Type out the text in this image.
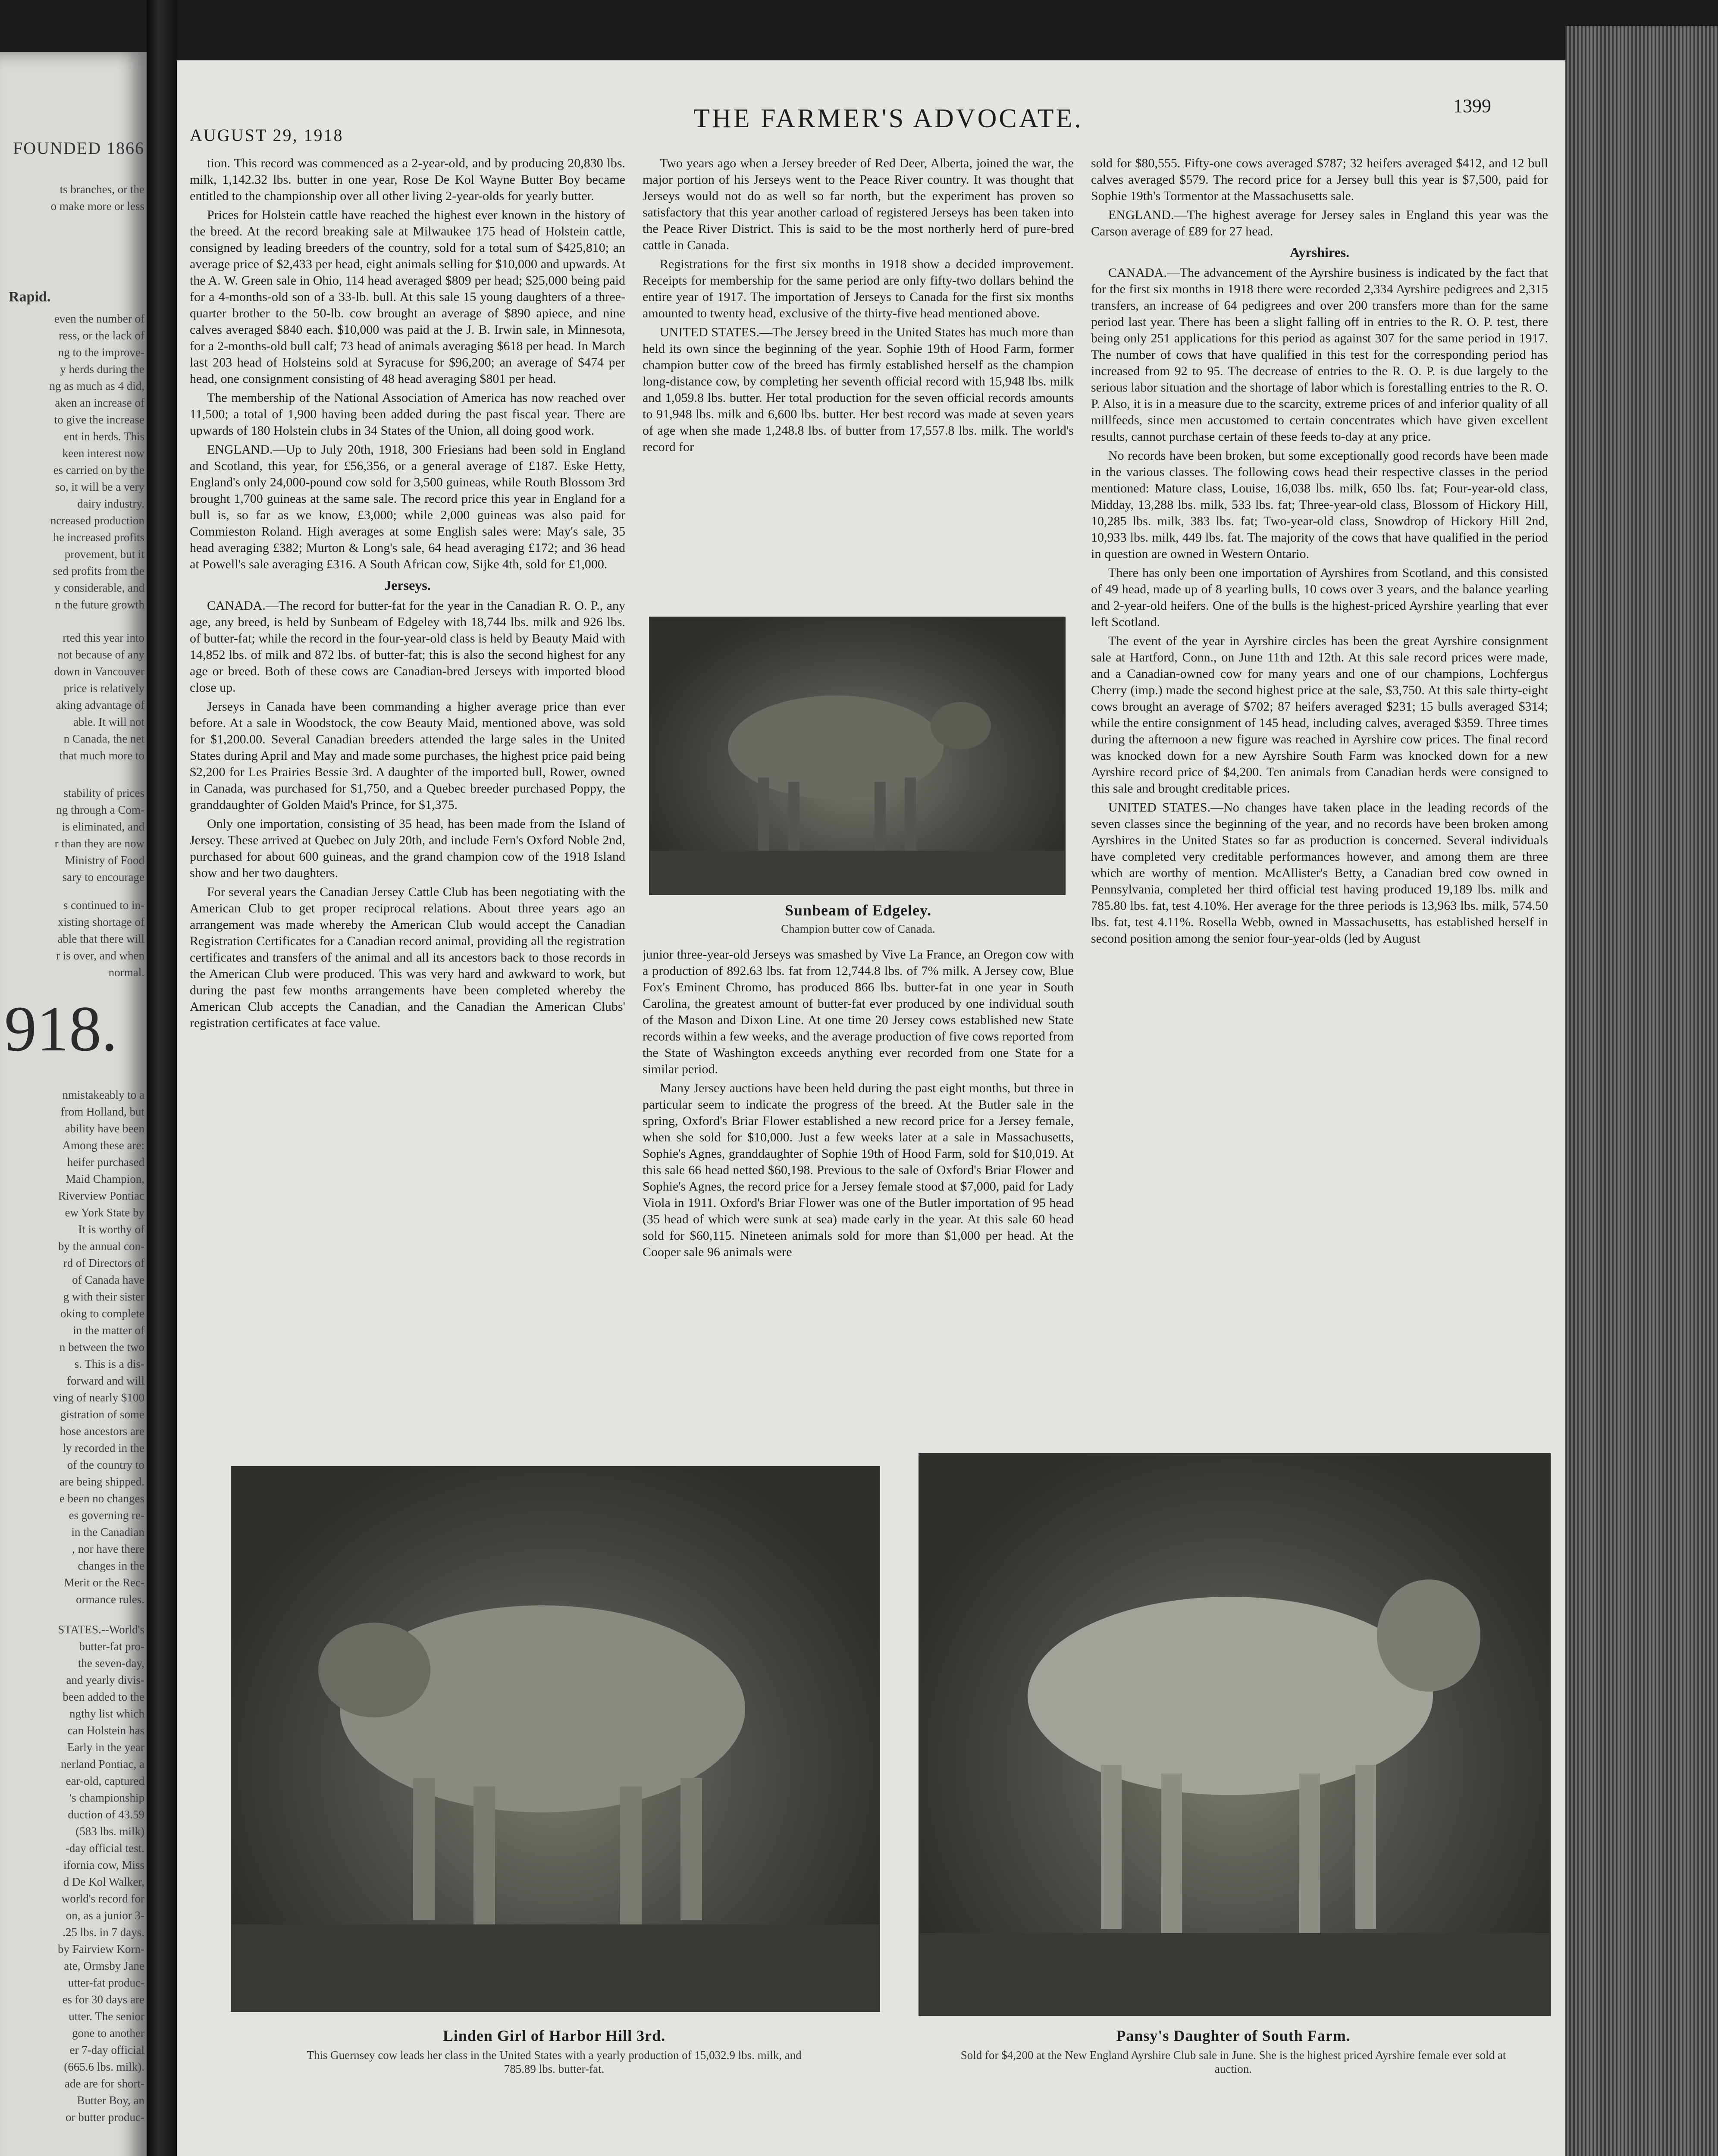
FOUNDED 1866
ts branches, or the
o make more or less
Rapid.
even the number of
ress, or the lack of
ng to the improve-
y herds during the
ng as much as 4 did,
aken an increase of
to give the increase
ent in herds. This
keen interest now
es carried on by the
so, it will be a very
dairy industry.
ncreased production
he increased profits
provement, but it
sed profits from the
y considerable, and
n the future growth
rted this year into
not because of any
down in Vancouver
price is relatively
aking advantage of
able. It will not
n Canada, the net
that much more to
stability of prices
ng through a Com-
is eliminated, and
r than they are now
Ministry of Food
sary to encourage
s continued to in-
xisting shortage of
able that there will
r is over, and when
normal.
918.
nmistakeably to a
from Holland, but
ability have been
Among these are:
heifer purchased
Maid Champion,
Riverview Pontiac
ew York State by
It is worthy of
by the annual con-
rd of Directors of
of Canada have
g with their sister
oking to complete
in the matter of
n between the two
s. This is a dis-
forward and will
ving of nearly $100
gistration of some
hose ancestors are
ly recorded in the
of the country to
are being shipped.
e been no changes
es governing re-
in the Canadian
, nor have there
changes in the
Merit or the Rec-
ormance rules.
STATES.--World's
butter-fat pro-
the seven-day,
and yearly divis-
been added to the
ngthy list which
can Holstein has
Early in the year
nerland Pontiac, a
ear-old, captured
's championship
duction of 43.59
(583 lbs. milk)
-day official test.
ifornia cow, Miss
d De Kol Walker,
world's record for
on, as a junior 3-
.25 lbs. in 7 days.
by Fairview Korn-
ate, Ormsby Jane
utter-fat produc-
es for 30 days are
utter. The senior
gone to another
er 7-day official
(665.6 lbs. milk).
ade are for short-
Butter Boy, an
or butter produc-
AUGUST 29, 1918
THE FARMER'S ADVOCATE.	1399

tion. This record was commenced as a 2-year-old, and by producing 20,830 lbs. milk, 1,142.32 lbs. butter in one year, Rose De Kol Wayne Butter Boy became entitled to the championship over all other living 2-year-olds for yearly butter.

Prices for Holstein cattle have reached the highest ever known in the history of the breed. At the record breaking sale at Milwaukee 175 head of Holstein cattle, consigned by leading breeders of the country, sold for a total sum of $425,810; an average price of $2,433 per head, eight animals selling for $10,000 and upwards. At the A. W. Green sale in Ohio, 114 head averaged $809 per head; $25,000 being paid for a 4-months-old son of a 33-lb. bull. At this sale 15 young daughters of a three-quarter brother to the 50-lb. cow brought an average of $890 apiece, and nine calves averaged $840 each. $10,000 was paid at the J. B. Irwin sale, in Minnesota, for a 2-months-old bull calf; 73 head of animals averaging $618 per head. In March last 203 head of Holsteins sold at Syracuse for $96,200; an average of $474 per head, one consignment consisting of 48 head averaging $801 per head.

The membership of the National Association of America has now reached over 11,500; a total of 1,900 having been added during the past fiscal year. There are upwards of 180 Holstein clubs in 34 States of the Union, all doing good work.

ENGLAND.—Up to July 20th, 1918, 300 Friesians had been sold in England and Scotland, this year, for £56,356, or a general average of £187. Eske Hetty, England's only 24,000-pound cow sold for 3,500 guineas, while Routh Blossom 3rd brought 1,700 guineas at the same sale. The record price this year in England for a bull is, so far as we know, £3,000; while 2,000 guineas was also paid for Commieston Roland. High averages at some English sales were: May's sale, 35 head averaging £382; Murton & Long's sale, 64 head averaging £172; and 36 head at Powell's sale averaging £316. A South African cow, Sijke 4th, sold for £1,000.

Jerseys.

CANADA.—The record for butter-fat for the year in the Canadian R. O. P., any age, any breed, is held by Sunbeam of Edgeley with 18,744 lbs. milk and 926 lbs. of butter-fat; while the record in the four-year-old class is held by Beauty Maid with 14,852 lbs. of milk and 872 lbs. of butter-fat; this is also the second highest for any age or breed. Both of these cows are Canadian-bred Jerseys with imported blood close up.

Jerseys in Canada have been commanding a higher average price than ever before. At a sale in Woodstock, the cow Beauty Maid, mentioned above, was sold for $1,200.00. Several Canadian breeders attended the large sales in the United States during April and May and made some purchases, the highest price paid being $2,200 for Les Prairies Bessie 3rd. A daughter of the imported bull, Rower, owned in Canada, was purchased for $1,750, and a Quebec breeder purchased Poppy, the granddaughter of Golden Maid's Prince, for $1,375.

Only one importation, consisting of 35 head, has been made from the Island of Jersey. These arrived at Quebec on July 20th, and include Fern's Oxford Noble 2nd, purchased for about 600 guineas, and the grand champion cow of the 1918 Island show and her two daughters.

For several years the Canadian Jersey Cattle Club has been negotiating with the American Club to get proper reciprocal relations. About three years ago an arrangement was made whereby the American Club would accept the Canadian Registration Certificates for a Canadian record animal, providing all the registration certificates and transfers of the animal and all its ancestors back to those records in the American Club were produced. This was very hard and awkward to work, but during the past few months arrangements have been completed whereby the American Club accepts the Canadian, and the Canadian the American Clubs' registration certificates at face value.

Two years ago when a Jersey breeder of Red Deer, Alberta, joined the war, the major portion of his Jerseys went to the Peace River country. It was thought that Jerseys would not do as well so far north, but the experiment has proven so satisfactory that this year another carload of registered Jerseys has been taken into the Peace River District. This is said to be the most northerly herd of pure-bred cattle in Canada.

Registrations for the first six months in 1918 show a decided improvement. Receipts for membership for the same period are only fifty-two dollars behind the entire year of 1917. The importation of Jerseys to Canada for the first six months amounted to twenty head, exclusive of the thirty-five head mentioned above.

UNITED STATES.—The Jersey breed in the United States has much more than held its own since the beginning of the year. Sophie 19th of Hood Farm, former champion butter cow of the breed has firmly established herself as the champion long-distance cow, by completing her seventh official record with 15,948 lbs. milk and 1,059.8 lbs. butter. Her total production for the seven official records amounts to 91,948 lbs. milk and 6,600 lbs. butter. Her best record was made at seven years of age when she made 1,248.8 lbs. of butter from 17,557.8 lbs. milk. The world's record for

Sunbeam of Edgeley.
Champion butter cow of Canada.

junior three-year-old Jerseys was smashed by Vive La France, an Oregon cow with a production of 892.63 lbs. fat from 12,744.8 lbs. of 7% milk. A Jersey cow, Blue Fox's Eminent Chromo, has produced 866 lbs. butter-fat in one year in South Carolina, the greatest amount of butter-fat ever produced by one individual south of the Mason and Dixon Line. At one time 20 Jersey cows established new State records within a few weeks, and the average production of five cows reported from the State of Washington exceeds anything ever recorded from one State for a similar period.

Many Jersey auctions have been held during the past eight months, but three in particular seem to indicate the progress of the breed. At the Butler sale in the spring, Oxford's Briar Flower established a new record price for a Jersey female, when she sold for $10,000. Just a few weeks later at a sale in Massachusetts, Sophie's Agnes, granddaughter of Sophie 19th of Hood Farm, sold for $10,019. At this sale 66 head netted $60,198. Previous to the sale of Oxford's Briar Flower and Sophie's Agnes, the record price for a Jersey female stood at $7,000, paid for Lady Viola in 1911. Oxford's Briar Flower was one of the Butler importation of 95 head (35 head of which were sunk at sea) made early in the year. At this sale 60 head sold for $60,115. Nineteen animals sold for more than $1,000 per head. At the Cooper sale 96 animals were

sold for $80,555. Fifty-one cows averaged $787; 32 heifers averaged $412, and 12 bull calves averaged $579. The record price for a Jersey bull this year is $7,500, paid for Sophie 19th's Tormentor at the Massachusetts sale.

ENGLAND.—The highest average for Jersey sales in England this year was the Carson average of £89 for 27 head.

Ayrshires.

CANADA.—The advancement of the Ayrshire business is indicated by the fact that for the first six months in 1918 there were recorded 2,334 Ayrshire pedigrees and 2,315 transfers, an increase of 64 pedigrees and over 200 transfers more than for the same period last year. There has been a slight falling off in entries to the R. O. P. test, there being only 251 applications for this period as against 307 for the same period in 1917. The number of cows that have qualified in this test for the corresponding period has increased from 92 to 95. The decrease of entries to the R. O. P. is due largely to the serious labor situation and the shortage of labor which is forestalling entries to the R. O. P. Also, it is in a measure due to the scarcity, extreme prices of and inferior quality of all millfeeds, since men accustomed to certain concentrates which have given excellent results, cannot purchase certain of these feeds to-day at any price.

No records have been broken, but some exceptionally good records have been made in the various classes. The following cows head their respective classes in the period mentioned: Mature class, Louise, 16,038 lbs. milk, 650 lbs. fat; Four-year-old class, Midday, 13,288 lbs. milk, 533 lbs. fat; Three-year-old class, Blossom of Hickory Hill, 10,285 lbs. milk, 383 lbs. fat; Two-year-old class, Snowdrop of Hickory Hill 2nd, 10,933 lbs. milk, 449 lbs. fat. The majority of the cows that have qualified in the period in question are owned in Western Ontario.

There has only been one importation of Ayrshires from Scotland, and this consisted of 49 head, made up of 8 yearling bulls, 10 cows over 3 years, and the balance yearling and 2-year-old heifers. One of the bulls is the highest-priced Ayrshire yearling that ever left Scotland.

The event of the year in Ayrshire circles has been the great Ayrshire consignment sale at Hartford, Conn., on June 11th and 12th. At this sale record prices were made, and a Canadian-owned cow for many years and one of our champions, Lochfergus Cherry (imp.) made the second highest price at the sale, $3,750. At this sale thirty-eight cows brought an average of $702; 87 heifers averaged $231; 15 bulls averaged $314; while the entire consignment of 145 head, including calves, averaged $359. Three times during the afternoon a new figure was reached in Ayrshire cow prices. The final record was knocked down for a new Ayrshire South Farm was knocked down for a new Ayrshire record price of $4,200. Ten animals from Canadian herds were consigned to this sale and brought creditable prices.

UNITED STATES.—No changes have taken place in the leading records of the seven classes since the beginning of the year, and no records have been broken among Ayrshires in the United States so far as production is concerned. Several individuals have completed very creditable performances however, and among them are three which are worthy of mention. McAllister's Betty, a Canadian bred cow owned in Pennsylvania, completed her third official test having produced 19,189 lbs. milk and 785.80 lbs. fat, test 4.10%. Her average for the three periods is 13,963 lbs. milk, 574.50 lbs. fat, test 4.11%. Rosella Webb, owned in Massachusetts, has established herself in second position among the senior four-year-olds (led by August

Linden Girl of Harbor Hill 3rd.
This Guernsey cow leads her class in the United States with a yearly production of 15,032.9 lbs. milk, and 785.89 lbs. butter-fat.
Pansy's Daughter of South Farm.
Sold for $4,200 at the New England Ayrshire Club sale in June. She is the highest priced Ayrshire female ever sold at auction.
